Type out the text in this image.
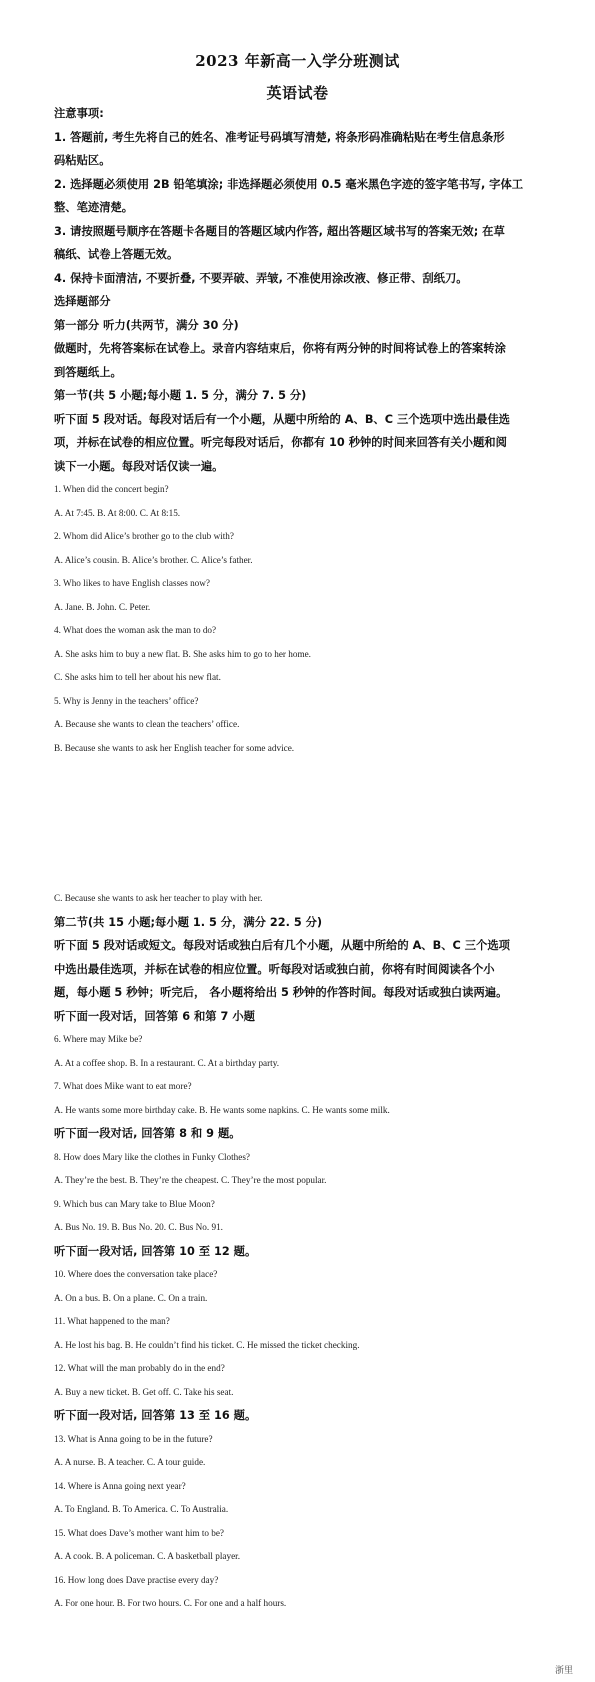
2023 年新高一入学分班测试
英语试卷
注意事项:
1. 答题前, 考生先将自己的姓名、准考证号码填写清楚, 将条形码准确粘贴在考生信息条形
码粘贴区。
2. 选择题必须使用 2B 铅笔填涂; 非选择题必须使用 0.5 毫米黑色字迹的签字笔书写, 字体工
整、笔迹清楚。
3. 请按照题号顺序在答题卡各题目的答题区域内作答, 超出答题区域书写的答案无效; 在草
稿纸、试卷上答题无效。
4. 保持卡面清洁, 不要折叠, 不要弄破、弄皱, 不准使用涂改液、修正带、刮纸刀。
选择题部分
第一部分 听力(共两节，满分 30 分)
做题时，先将答案标在试卷上。录音内容结束后，你将有两分钟的时间将试卷上的答案转涂
到答题纸上。
第一节(共 5 小题;每小题 1. 5 分，满分 7. 5 分)
听下面 5 段对话。每段对话后有一个小题，从题中所给的 A、B、C 三个选项中选出最佳选
项，并标在试卷的相应位置。听完每段对话后，你都有 10 秒钟的时间来回答有关小题和阅
读下一小题。每段对话仅读一遍。
1. When did the concert begin?
A. At 7:45. B. At 8:00. C. At 8:15.
2. Whom did Alice’s brother go to the club with?
A. Alice’s cousin. B. Alice’s brother. C. Alice’s father.
3. Who likes to have English classes now?
A. Jane. B. John. C. Peter.
4. What does the woman ask the man to do?
A. She asks him to buy a new flat. B. She asks him to go to her home.
C. She asks him to tell her about his new flat.
5. Why is Jenny in the teachers’ office?
A. Because she wants to clean the teachers’ office.
B. Because she wants to ask her English teacher for some advice.
C. Because she wants to ask her teacher to play with her.
第二节(共 15 小题;每小题 1. 5 分，满分 22. 5 分)
听下面 5 段对话或短文。每段对话或独白后有几个小题，从题中所给的 A、B、C 三个选项
中选出最佳选项，并标在试卷的相应位置。听每段对话或独白前，你将有时间阅读各个小
题，每小题 5 秒钟；听完后， 各小题将给出 5 秒钟的作答时间。每段对话或独白读两遍。
听下面一段对话，回答第 6 和第 7 小题
6. Where may Mike be?
A. At a coffee shop. B. In a restaurant. C. At a birthday party.
7. What does Mike want to eat more?
A. He wants some more birthday cake. B. He wants some napkins. C. He wants some milk.
听下面一段对话, 回答第 8 和 9 题。
8. How does Mary like the clothes in Funky Clothes?
A. They’re the best. B. They’re the cheapest. C. They’re the most popular.
9. Which bus can Mary take to Blue Moon?
A. Bus No. 19. B. Bus No. 20. C. Bus No. 91.
听下面一段对话, 回答第 10 至 12 题。
10. Where does the conversation take place?
A. On a bus. B. On a plane. C. On a train.
11. What happened to the man?
A. He lost his bag. B. He couldn’t find his ticket. C. He missed the ticket checking.
12. What will the man probably do in the end?
A. Buy a new ticket. B. Get off. C. Take his seat.
听下面一段对话, 回答第 13 至 16 题。
13. What is Anna going to be in the future?
A. A nurse. B. A teacher. C. A tour guide.
14. Where is Anna going next year?
A. To England. B. To America. C. To Australia.
15. What does Dave’s mother want him to be?
A. A cook. B. A policeman. C. A basketball player.
16. How long does Dave practise every day?
A. For one hour. B. For two hours. C. For one and a half hours.
浙里
